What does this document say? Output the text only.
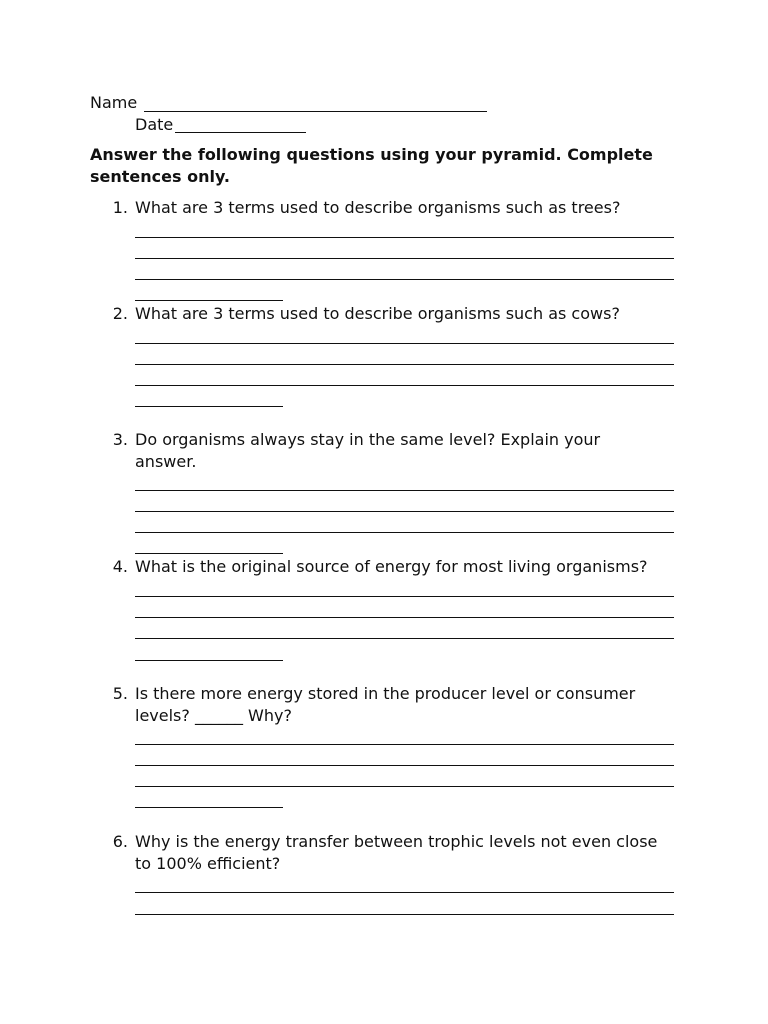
Name
Date
Answer the following questions using your pyramid. Complete
sentences only.
1. What are 3 terms used to describe organisms such as trees?
2. What are 3 terms used to describe organisms such as cows?
3. Do organisms always stay in the same level? Explain your
answer.
4. What is the original source of energy for most living organisms?
5. Is there more energy stored in the producer level or consumer
levels? ______ Why?
6. Why is the energy transfer between trophic levels not even close
to 100% efficient?
